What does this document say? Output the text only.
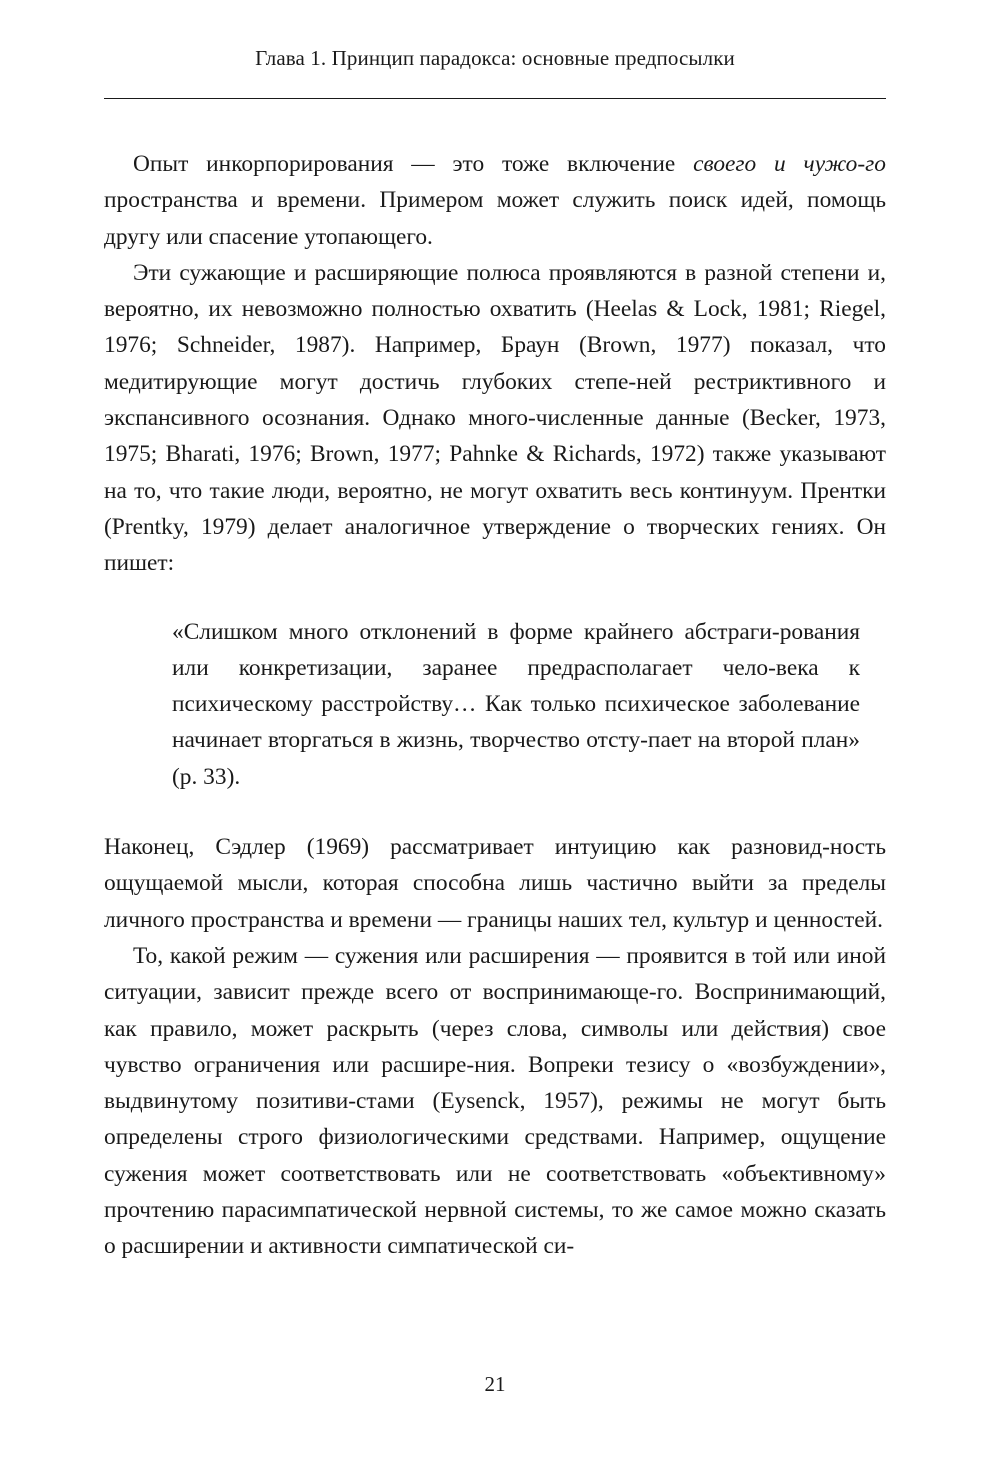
Глава 1. Принцип парадокса: основные предпосылки

Опыт инкорпорирования — это тоже включение своего и чужо-го пространства и времени. Примером может служить поиск идей, помощь другу или спасение утопающего.

Эти сужающие и расширяющие полюса проявляются в разной степени и, вероятно, их невозможно полностью охватить (Heelas & Lock, 1981; Riegel, 1976; Schneider, 1987). Например, Браун (Brown, 1977) показал, что медитирующие могут достичь глубоких степе-ней рестриктивного и экспансивного осознания. Однако много-численные данные (Becker, 1973, 1975; Bharati, 1976; Brown, 1977; Pahnke & Richards, 1972) также указывают на то, что такие люди, вероятно, не могут охватить весь континуум. Прентки (Prentky, 1979) делает аналогичное утверждение о творческих гениях. Он пишет:

«Слишком много отклонений в форме крайнего абстраги-рования или конкретизации, заранее предрасполагает чело-века к психическому расстройству… Как только психическое заболевание начинает вторгаться в жизнь, творчество отсту-пает на второй план» (p. 33).

Наконец, Сэдлер (1969) рассматривает интуицию как разновид-ность ощущаемой мысли, которая способна лишь частично выйти за пределы личного пространства и времени — границы наших тел, культур и ценностей.

То, какой режим — сужения или расширения — проявится в той или иной ситуации, зависит прежде всего от воспринимающе-го. Воспринимающий, как правило, может раскрыть (через слова, символы или действия) свое чувство ограничения или расшире-ния. Вопреки тезису о «возбуждении», выдвинутому позитиви-стами (Eysenck, 1957), режимы не могут быть определены строго физиологическими средствами. Например, ощущение сужения может соответствовать или не соответствовать «объективному» прочтению парасимпатической нервной системы, то же самое можно сказать о расширении и активности симпатической си-

21
